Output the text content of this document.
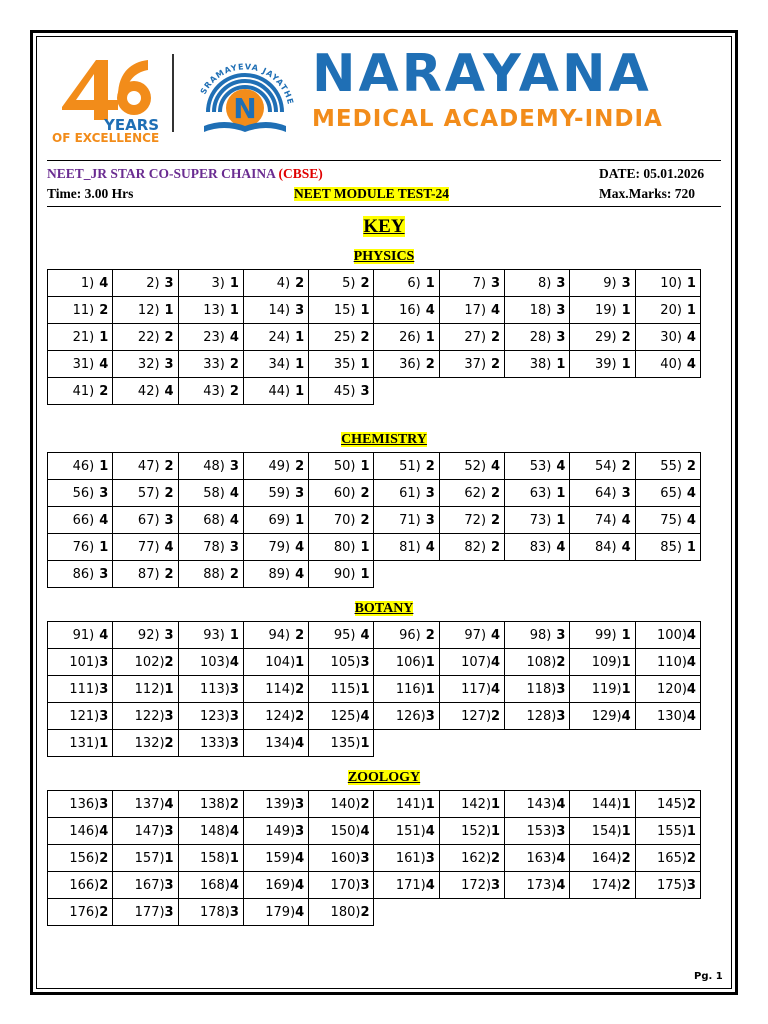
YEARS
OF EXCELLENCE
SRAMAYEVA JAYATHE
N
NARAYANA
MEDICAL ACADEMY-INDIA
NEET_JR STAR CO-SUPER CHAINA (CBSE)	DATE: 05.01.2026
Time: 3.00 Hrs	NEET MODULE TEST-24	Max.Marks: 720
KEY
PHYSICS
1) 4	2) 3	3) 1	4) 2	5) 2	6) 1	7) 3	8) 3	9) 3	10) 1
11) 2	12) 1	13) 1	14) 3	15) 1	16) 4	17) 4	18) 3	19) 1	20) 1
21) 1	22) 2	23) 4	24) 1	25) 2	26) 1	27) 2	28) 3	29) 2	30) 4
31) 4	32) 3	33) 2	34) 1	35) 1	36) 2	37) 2	38) 1	39) 1	40) 4
41) 2	42) 4	43) 2	44) 1	45) 3					
CHEMISTRY
46) 1	47) 2	48) 3	49) 2	50) 1	51) 2	52) 4	53) 4	54) 2	55) 2
56) 3	57) 2	58) 4	59) 3	60) 2	61) 3	62) 2	63) 1	64) 3	65) 4
66) 4	67) 3	68) 4	69) 1	70) 2	71) 3	72) 2	73) 1	74) 4	75) 4
76) 1	77) 4	78) 3	79) 4	80) 1	81) 4	82) 2	83) 4	84) 4	85) 1
86) 3	87) 2	88) 2	89) 4	90) 1					
BOTANY
91) 4	92) 3	93) 1	94) 2	95) 4	96) 2	97) 4	98) 3	99) 1	100)4
101)3	102)2	103)4	104)1	105)3	106)1	107)4	108)2	109)1	110)4
111)3	112)1	113)3	114)2	115)1	116)1	117)4	118)3	119)1	120)4
121)3	122)3	123)3	124)2	125)4	126)3	127)2	128)3	129)4	130)4
131)1	132)2	133)3	134)4	135)1					
ZOOLOGY
136)3	137)4	138)2	139)3	140)2	141)1	142)1	143)4	144)1	145)2
146)4	147)3	148)4	149)3	150)4	151)4	152)1	153)3	154)1	155)1
156)2	157)1	158)1	159)4	160)3	161)3	162)2	163)4	164)2	165)2
166)2	167)3	168)4	169)4	170)3	171)4	172)3	173)4	174)2	175)3
176)2	177)3	178)3	179)4	180)2					
Pg. 1
